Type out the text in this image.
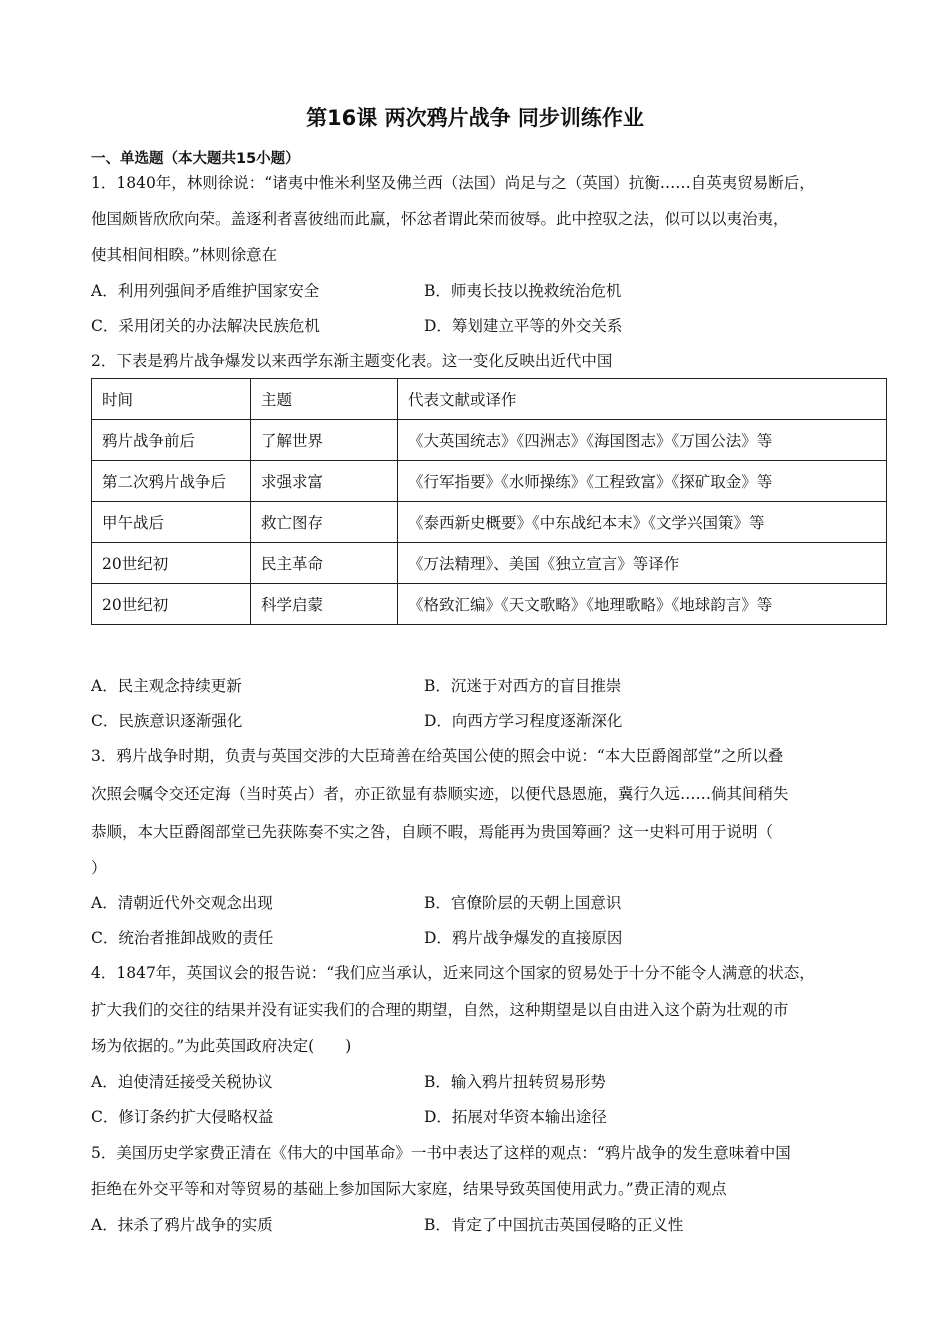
第16课 两次鸦片战争 同步训练作业
一、单选题（本大题共15小题）
1．1840年，林则徐说：“诸夷中惟米利坚及佛兰西（法国）尚足与之（英国）抗衡……自英夷贸易断后，
他国颇皆欣欣向荣。盖逐利者喜彼绌而此赢，怀忿者谓此荣而彼辱。此中控驭之法，似可以以夷治夷，
使其相间相睽。”林则徐意在
A．利用列强间矛盾维护国家安全	B．师夷长技以挽救统治危机
C．采用闭关的办法解决民族危机	D．筹划建立平等的外交关系
2．下表是鸦片战争爆发以来西学东渐主题变化表。这一变化反映出近代中国
时间	主题	代表文献或译作
鸦片战争前后	了解世界	《大英国统志》《四洲志》《海国图志》《万国公法》等
第二次鸦片战争后	求强求富	《行军指要》《水师操练》《工程致富》《探矿取金》等
甲午战后	救亡图存	《泰西新史概要》《中东战纪本末》《文学兴国策》等
20世纪初	民主革命	《万法精理》、美国《独立宣言》等译作
20世纪初	科学启蒙	《格致汇编》《天文歌略》《地理歌略》《地球韵言》等
A．民主观念持续更新	B．沉迷于对西方的盲目推崇
C．民族意识逐渐强化	D．向西方学习程度逐渐深化
3．鸦片战争时期，负责与英国交涉的大臣琦善在给英国公使的照会中说：“本大臣爵阁部堂”之所以叠
次照会嘱令交还定海（当时英占）者，亦正欲显有恭顺实迹，以便代恳恩施，冀行久远……倘其间稍失
恭顺，本大臣爵阁部堂已先获陈奏不实之咎，自顾不暇，焉能再为贵国筹画？这一史料可用于说明（
）
A．清朝近代外交观念出现	B．官僚阶层的天朝上国意识
C．统治者推卸战败的责任	D．鸦片战争爆发的直接原因
4．1847年，英国议会的报告说：“我们应当承认，近来同这个国家的贸易处于十分不能令人满意的状态，
扩大我们的交往的结果并没有证实我们的合理的期望，自然，这种期望是以自由进入这个蔚为壮观的市
场为依据的。”为此英国政府决定(　　)
A．迫使清廷接受关税协议	B．输入鸦片扭转贸易形势
C．修订条约扩大侵略权益	D．拓展对华资本输出途径
5．美国历史学家费正清在《伟大的中国革命》一书中表达了这样的观点：“鸦片战争的发生意味着中国
拒绝在外交平等和对等贸易的基础上参加国际大家庭，结果导致英国使用武力。”费正清的观点
A．抹杀了鸦片战争的实质	B．肯定了中国抗击英国侵略的正义性
